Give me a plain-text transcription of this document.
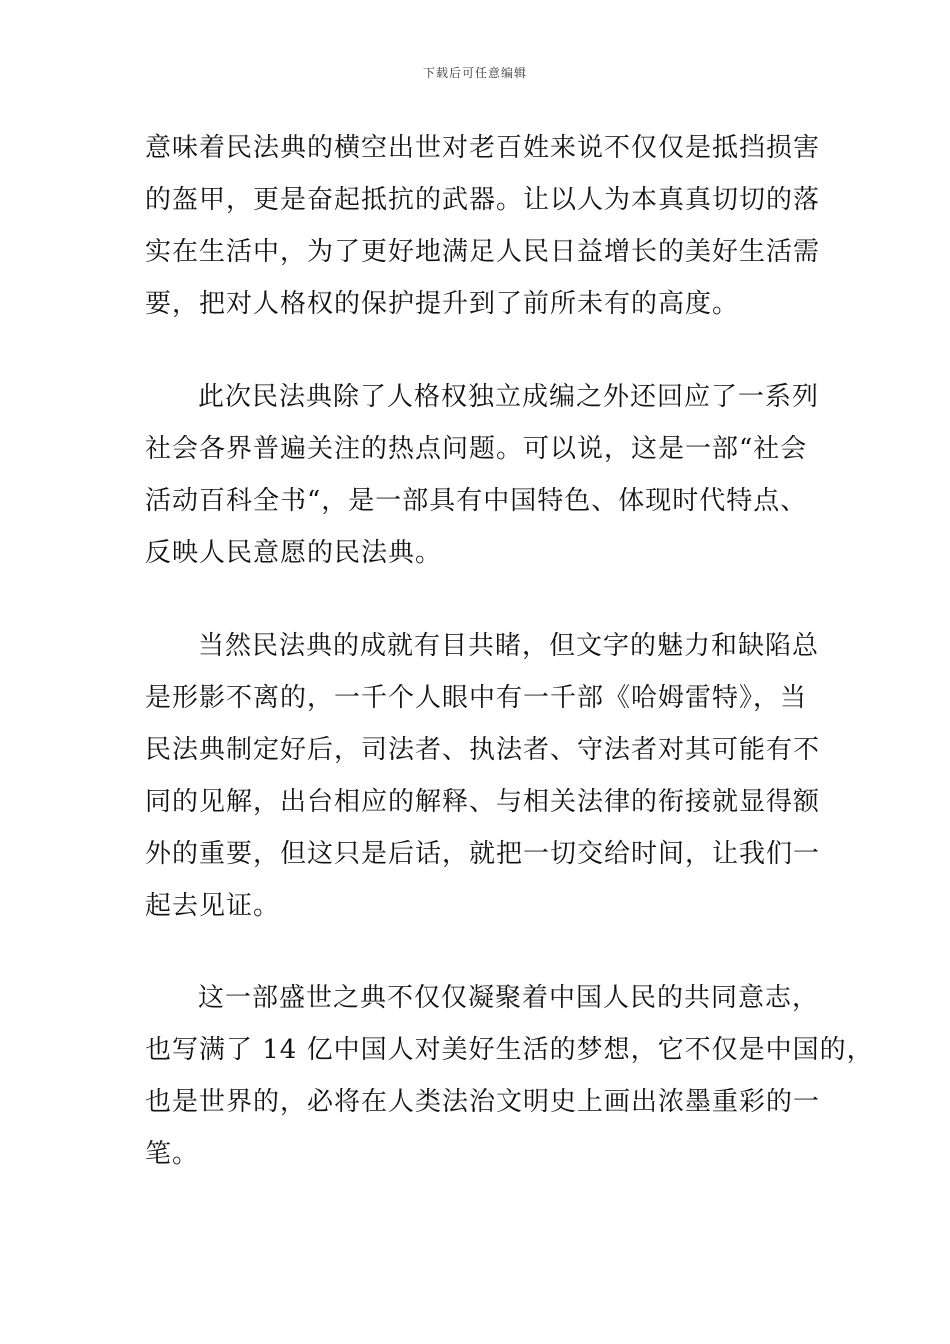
下载后可任意编辑
意味着民法典的横空出世对老百姓来说不仅仅是抵挡损害
的盔甲，更是奋起抵抗的武器。让以人为本真真切切的落
实在生活中，为了更好地满足人民日益增长的美好生活需
要，把对人格权的保护提升到了前所未有的高度。
此次民法典除了人格权独立成编之外还回应了一系列
社会各界普遍关注的热点问题。可以说，这是一部“社会
活动百科全书“，是一部具有中国特色、体现时代特点、
反映人民意愿的民法典。
当然民法典的成就有目共睹，但文字的魅力和缺陷总
是形影不离的，一千个人眼中有一千部《哈姆雷特》，当
民法典制定好后，司法者、执法者、守法者对其可能有不
同的见解，出台相应的解释、与相关法律的衔接就显得额
外的重要，但这只是后话，就把一切交给时间，让我们一
起去见证。
这一部盛世之典不仅仅凝聚着中国人民的共同意志，
也写满了 14 亿中国人对美好生活的梦想，它不仅是中国的，
也是世界的，必将在人类法治文明史上画出浓墨重彩的一
笔。
